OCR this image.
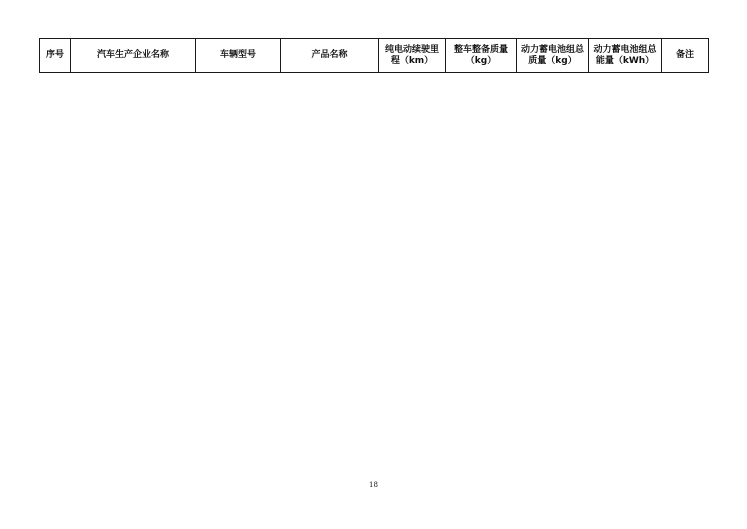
序号	汽车生产企业名称	车辆型号	产品名称	纯电动续驶里程（km）	整车整备质量（kg）	动力蓄电池组总质量（kg）	动力蓄电池组总能量（kWh）	备注
18
